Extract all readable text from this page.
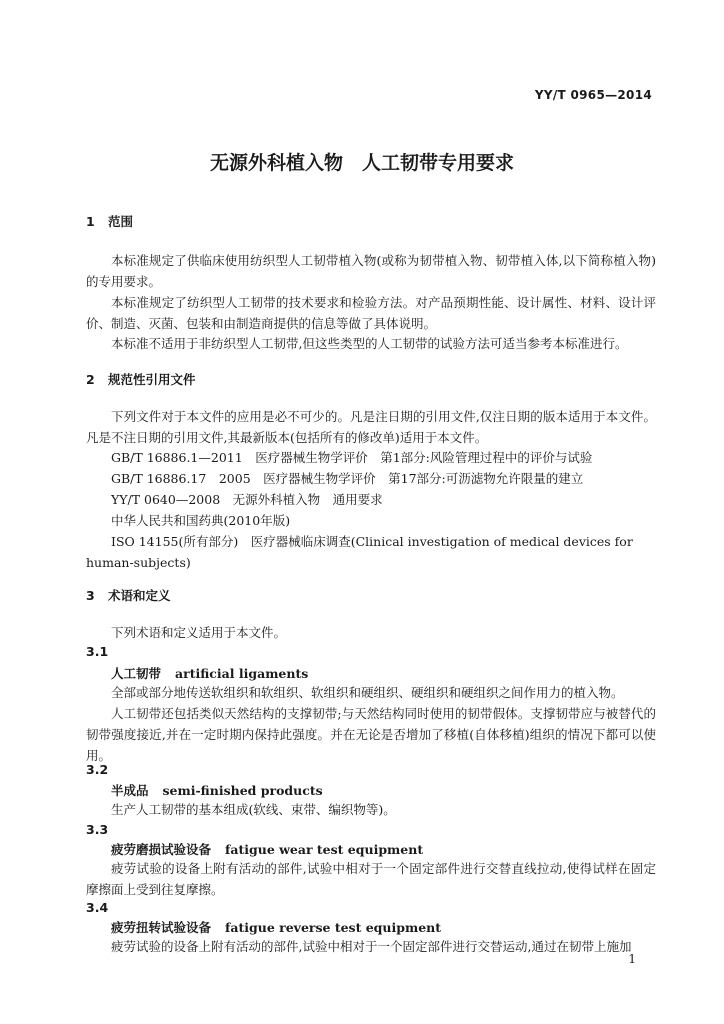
YY/T 0965—2014
无源外科植入物　人工韧带专用要求
1 范围
本标准规定了供临床使用纺织型人工韧带植入物(或称为韧带植入物、韧带植入体,以下简称植入物)的专用要求。
本标准规定了纺织型人工韧带的技术要求和检验方法。对产品预期性能、设计属性、材料、设计评价、制造、灭菌、包装和由制造商提供的信息等做了具体说明。
本标准不适用于非纺织型人工韧带,但这些类型的人工韧带的试验方法可适当参考本标准进行。
2 规范性引用文件
下列文件对于本文件的应用是必不可少的。凡是注日期的引用文件,仅注日期的版本适用于本文件。凡是不注日期的引用文件,其最新版本(包括所有的修改单)适用于本文件。
GB/T 16886.1—2011　医疗器械生物学评价　第1部分:风险管理过程中的评价与试验
GB/T 16886.17　2005　医疗器械生物学评价　第17部分:可沥滤物允许限量的建立
YY/T 0640—2008　无源外科植入物　通用要求
中华人民共和国药典(2010年版)
ISO 14155(所有部分)　医疗器械临床调查(Clinical investigation of medical devices for human-subjects)
3 术语和定义
下列术语和定义适用于本文件。
3.1
人工韧带 artificial ligaments
全部或部分地传送软组织和软组织、软组织和硬组织、硬组织和硬组织之间作用力的植入物。
人工韧带还包括类似天然结构的支撑韧带;与天然结构同时使用的韧带假体。支撑韧带应与被替代的韧带强度接近,并在一定时期内保持此强度。并在无论是否增加了移植(自体移植)组织的情况下都可以使用。
3.2
半成品 semi-finished products
生产人工韧带的基本组成(软线、束带、编织物等)。
3.3
疲劳磨损试验设备 fatigue wear test equipment
疲劳试验的设备上附有活动的部件,试验中相对于一个固定部件进行交替直线拉动,使得试样在固定摩擦面上受到往复摩擦。
3.4
疲劳扭转试验设备 fatigue reverse test equipment
疲劳试验的设备上附有活动的部件,试验中相对于一个固定部件进行交替运动,通过在韧带上施加
1
